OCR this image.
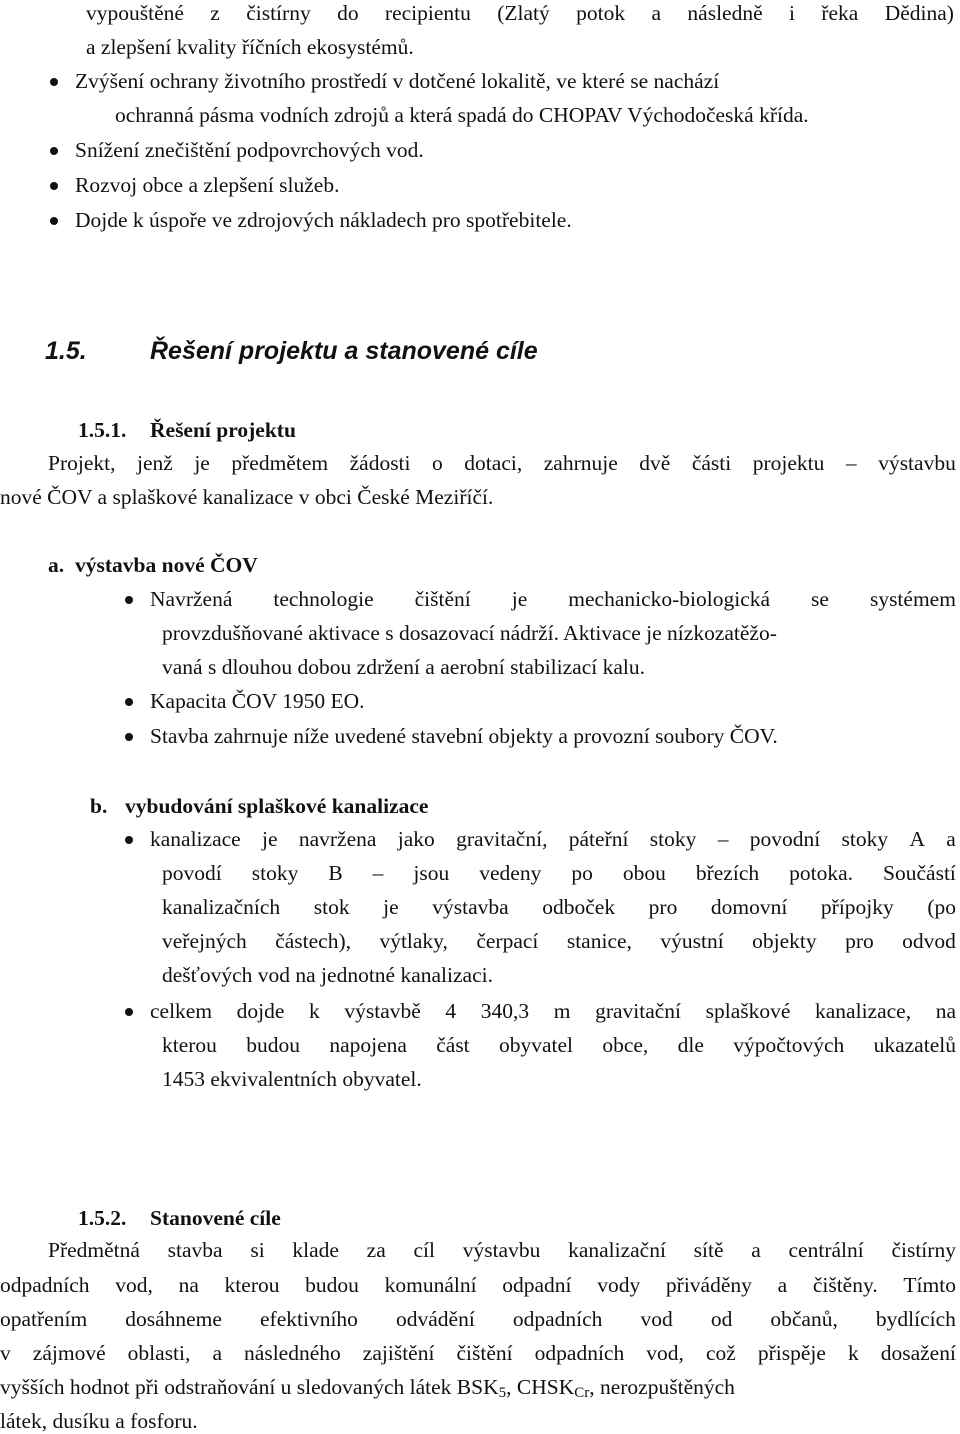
vypouštěné z čistírny do recipientu (Zlatý potok a následně i řeka Dědina)
a zlepšení kvality říčních ekosystémů.
Zvýšení ochrany životního prostředí v dotčené lokalitě, ve které se nachází
ochranná pásma vodních zdrojů a která spadá do CHOPAV Východočeská křída.
Snížení znečištění podpovrchových vod.
Rozvoj obce a zlepšení služeb.
Dojde k úspoře ve zdrojových nákladech pro spotřebitele.
1.5.	Řešení projektu a stanovené cíle
1.5.1. Řešení projektu
Projekt, jenž je předmětem žádosti o dotaci, zahrnuje dvě části projektu – výstavbu
nové ČOV a splaškové kanalizace v obci České Meziříčí.
a. výstavba nové ČOV
Navržená technologie čištění je mechanicko-biologická se systémem
provzdušňované aktivace s dosazovací nádrží. Aktivace je nízkozatěžo-
vaná s dlouhou dobou zdržení a aerobní stabilizací kalu.
Kapacita ČOV 1950 EO.
Stavba zahrnuje níže uvedené stavební objekty a provozní soubory ČOV.
b. vybudování splaškové kanalizace
kanalizace je navržena jako gravitační, páteřní stoky – povodní stoky A a
povodí stoky B – jsou vedeny po obou březích potoka. Součástí
kanalizačních stok je výstavba odboček pro domovní přípojky (po
veřejných částech), výtlaky, čerpací stanice, výustní objekty pro odvod
dešťových vod na jednotné kanalizaci.
celkem dojde k výstavbě 4 340,3 m gravitační splaškové kanalizace, na
kterou budou napojena část obyvatel obce, dle výpočtových ukazatelů
1453 ekvivalentních obyvatel.
1.5.2. Stanovené cíle
Předmětná stavba si klade za cíl výstavbu kanalizační sítě a centrální čistírny
odpadních vod, na kterou budou komunální odpadní vody přiváděny a čištěny. Tímto
opatřením dosáhneme efektivního odvádění odpadních vod od občanů, bydlících
v zájmové oblasti, a následného zajištění čištění odpadních vod, což přispěje k dosažení
vyšších hodnot při odstraňování u sledovaných látek $BSK_5$, $CHSK_{Cr}$, nerozpuštěných
látek, dusíku a fosforu.
